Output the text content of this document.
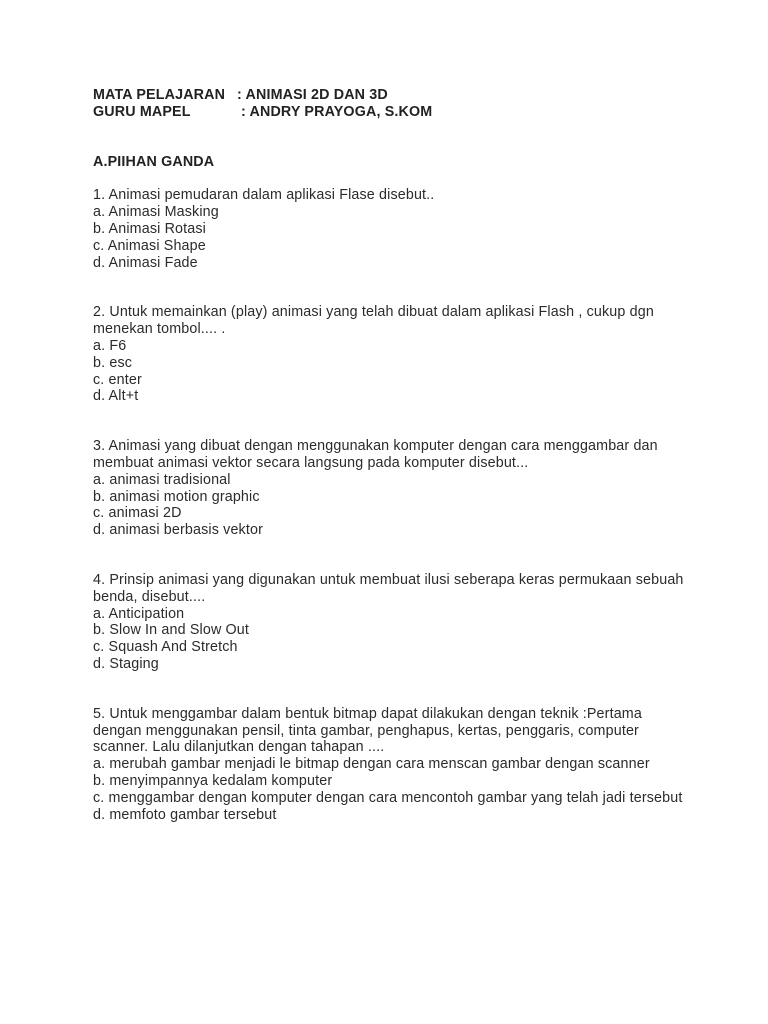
MATA PELAJARAN : ANIMASI 2D DAN 3D
GURU MAPEL	: ANDRY PRAYOGA, S.KOM
A.PIIHAN GANDA
1. Animasi pemudaran dalam aplikasi Flase disebut..
a. Animasi Masking
b. Animasi Rotasi
c. Animasi Shape
d. Animasi Fade
2. Untuk memainkan (play) animasi yang telah dibuat dalam aplikasi Flash , cukup dgn menekan tombol.... .
a. F6
b. esc
c. enter
d. Alt+t
3. Animasi yang dibuat dengan menggunakan komputer dengan cara menggambar dan membuat animasi vektor secara langsung pada komputer disebut...
a. animasi tradisional
b. animasi motion graphic
c. animasi 2D
d. animasi berbasis vektor
4. Prinsip animasi yang digunakan untuk membuat ilusi seberapa keras permukaan sebuah benda, disebut....
a. Anticipation
b. Slow In and Slow Out
c. Squash And Stretch
d. Staging
5. Untuk menggambar dalam bentuk bitmap dapat dilakukan dengan teknik :Pertama dengan menggunakan pensil, tinta gambar, penghapus, kertas, penggaris, computer scanner. Lalu dilanjutkan dengan tahapan ....
a. merubah gambar menjadi le bitmap dengan cara menscan gambar dengan scanner
b. menyimpannya kedalam komputer
c. menggambar dengan komputer dengan cara mencontoh gambar yang telah jadi tersebut
d. memfoto gambar tersebut
